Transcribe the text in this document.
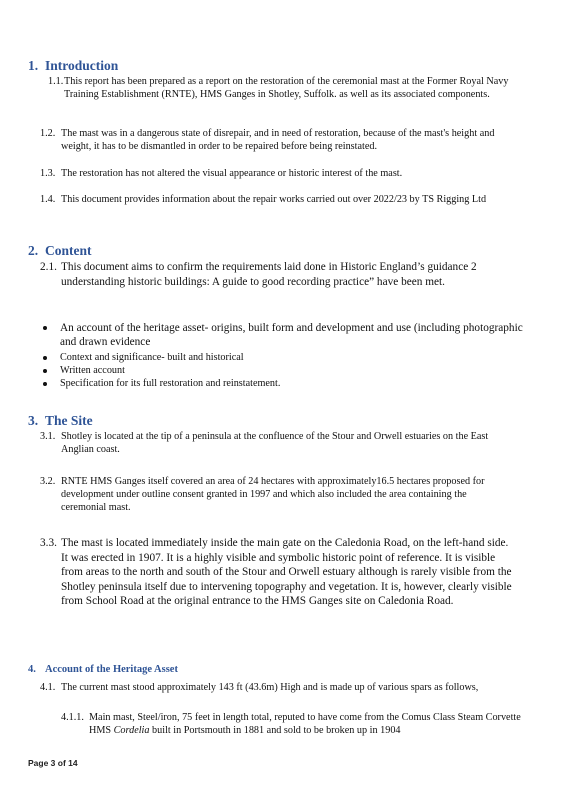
1. Introduction
1.1. This report has been prepared as a report on the restoration of the ceremonial mast at the Former Royal Navy Training Establishment (RNTE), HMS Ganges in Shotley, Suffolk. as well as its associated components.
1.2. The mast was in a dangerous state of disrepair, and in need of restoration, because of the mast's height and weight, it has to be dismantled in order to be repaired before being reinstated.
1.3. The restoration has not altered the visual appearance or historic interest of the mast.
1.4. This document provides information about the repair works carried out over 2022/23 by TS Rigging Ltd
2. Content
2.1. This document aims to confirm the requirements laid done in Historic England’s guidance 2 understanding historic buildings: A guide to good recording practice” have been met.
An account of the heritage asset- origins, built form and development and use (including photographic and drawn evidence
Context and significance- built and historical
Written account
Specification for its full restoration and reinstatement.
3. The Site
3.1. Shotley is located at the tip of a peninsula at the confluence of the Stour and Orwell estuaries on the East Anglian coast.
3.2. RNTE HMS Ganges itself covered an area of 24 hectares with approximately16.5 hectares proposed for development under outline consent granted in 1997 and which also included the area containing the ceremonial mast.
3.3. The mast is located immediately inside the main gate on the Caledonia Road, on the left-hand side. It was erected in 1907. It is a highly visible and symbolic historic point of reference. It is visible from areas to the north and south of the Stour and Orwell estuary although is rarely visible from the Shotley peninsula itself due to intervening topography and vegetation. It is, however, clearly visible from School Road at the original entrance to the HMS Ganges site on Caledonia Road.
4. Account of the Heritage Asset
4.1. The current mast stood approximately 143 ft (43.6m) High and is made up of various spars as follows,
4.1.1. Main mast, Steel/iron, 75 feet in length total, reputed to have come from the Comus Class Steam Corvette HMS Cordelia built in Portsmouth in 1881 and sold to be broken up in 1904
Page 3 of 14
